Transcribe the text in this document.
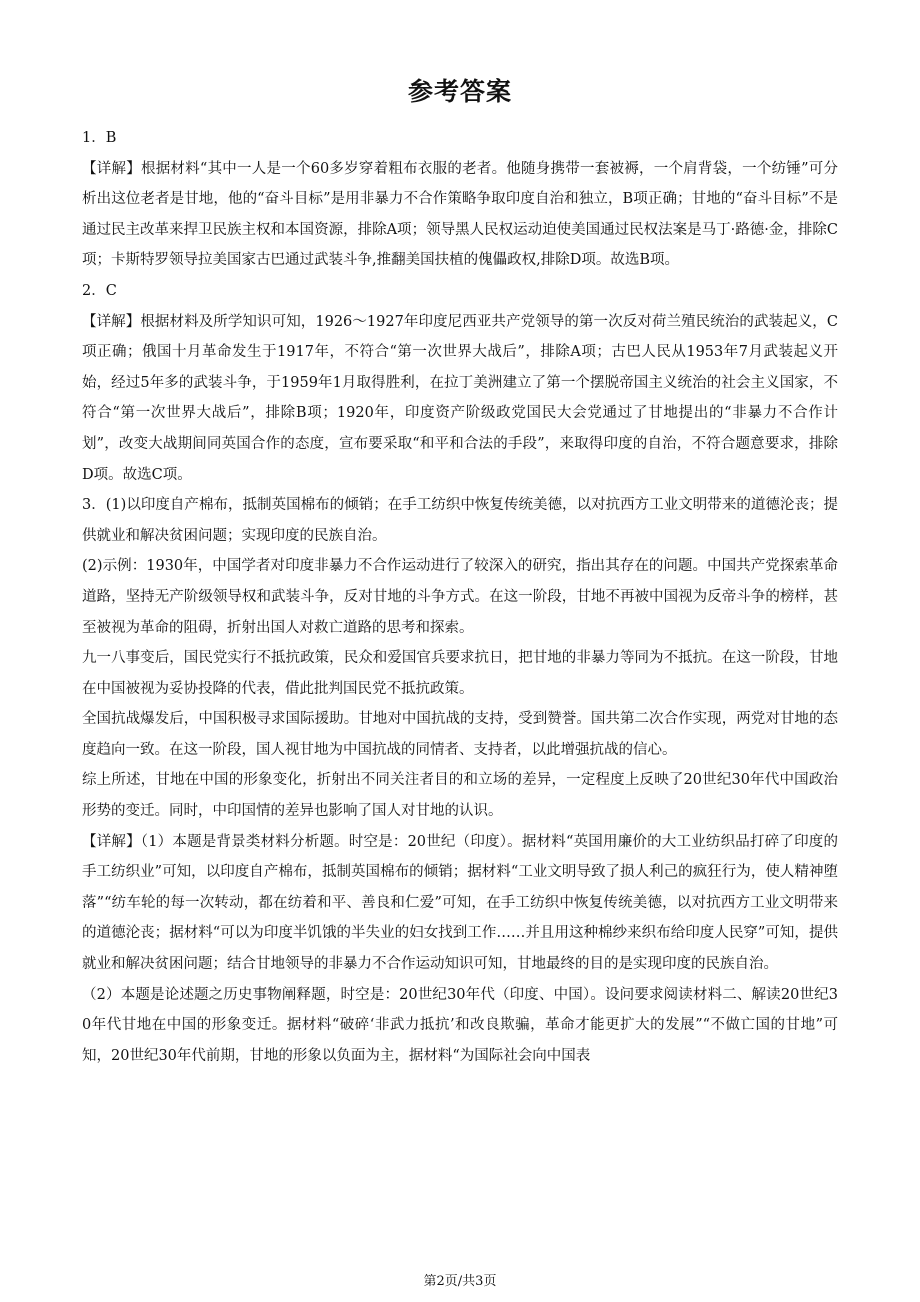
参考答案

1．B

【详解】根据材料“其中一人是一个60多岁穿着粗布衣服的老者。他随身携带一套被褥，一个肩背袋，一个纺锤”可分析出这位老者是甘地，他的“奋斗目标”是用非暴力不合作策略争取印度自治和独立，B项正确；甘地的“奋斗目标”不是通过民主改革来捍卫民族主权和本国资源，排除A项；领导黑人民权运动迫使美国通过民权法案是马丁·路德·金，排除C项；卡斯特罗领导拉美国家古巴通过武装斗争,推翻美国扶植的傀儡政权,排除D项。故选B项。

2．C

【详解】根据材料及所学知识可知，1926～1927年印度尼西亚共产党领导的第一次反对荷兰殖民统治的武装起义，C项正确；俄国十月革命发生于1917年，不符合“第一次世界大战后”，排除A项；古巴人民从1953年7月武装起义开始，经过5年多的武装斗争，于1959年1月取得胜利，在拉丁美洲建立了第一个摆脱帝国主义统治的社会主义国家，不符合“第一次世界大战后”，排除B项；1920年，印度资产阶级政党国民大会党通过了甘地提出的“非暴力不合作计划”，改变大战期间同英国合作的态度，宣布要采取“和平和合法的手段”，来取得印度的自治，不符合题意要求，排除D项。故选C项。

3．(1)以印度自产棉布，抵制英国棉布的倾销；在手工纺织中恢复传统美德，以对抗西方工业文明带来的道德沦丧；提供就业和解决贫困问题；实现印度的民族自治。

(2)示例：1930年，中国学者对印度非暴力不合作运动进行了较深入的研究，指出其存在的问题。中国共产党探索革命道路，坚持无产阶级领导权和武装斗争，反对甘地的斗争方式。在这一阶段，甘地不再被中国视为反帝斗争的榜样，甚至被视为革命的阻碍，折射出国人对救亡道路的思考和探索。

九一八事变后，国民党实行不抵抗政策，民众和爱国官兵要求抗日，把甘地的非暴力等同为不抵抗。在这一阶段，甘地在中国被视为妥协投降的代表，借此批判国民党不抵抗政策。

全国抗战爆发后，中国积极寻求国际援助。甘地对中国抗战的支持，受到赞誉。国共第二次合作实现，两党对甘地的态度趋向一致。在这一阶段，国人视甘地为中国抗战的同情者、支持者，以此增强抗战的信心。

综上所述，甘地在中国的形象变化，折射出不同关注者目的和立场的差异，一定程度上反映了20世纪30年代中国政治形势的变迁。同时，中印国情的差异也影响了国人对甘地的认识。

【详解】（1）本题是背景类材料分析题。时空是：20世纪（印度）。据材料“英国用廉价的大工业纺织品打碎了印度的手工纺织业”可知，以印度自产棉布，抵制英国棉布的倾销；据材料“工业文明导致了损人利己的疯狂行为，使人精神堕落”“纺车轮的每一次转动，都在纺着和平、善良和仁爱”可知，在手工纺织中恢复传统美德，以对抗西方工业文明带来的道德沦丧；据材料“可以为印度半饥饿的半失业的妇女找到工作……并且用这种棉纱来织布给印度人民穿”可知，提供就业和解决贫困问题；结合甘地领导的非暴力不合作运动知识可知，甘地最终的目的是实现印度的民族自治。

（2）本题是论述题之历史事物阐释题，时空是：20世纪30年代（印度、中国）。设问要求阅读材料二、解读20世纪30年代甘地在中国的形象变迁。据材料“破碎‘非武力抵抗’和改良欺骗，革命才能更扩大的发展”“不做亡国的甘地”可知，20世纪30年代前期，甘地的形象以负面为主，据材料“为国际社会向中国表

第2页/共3页
